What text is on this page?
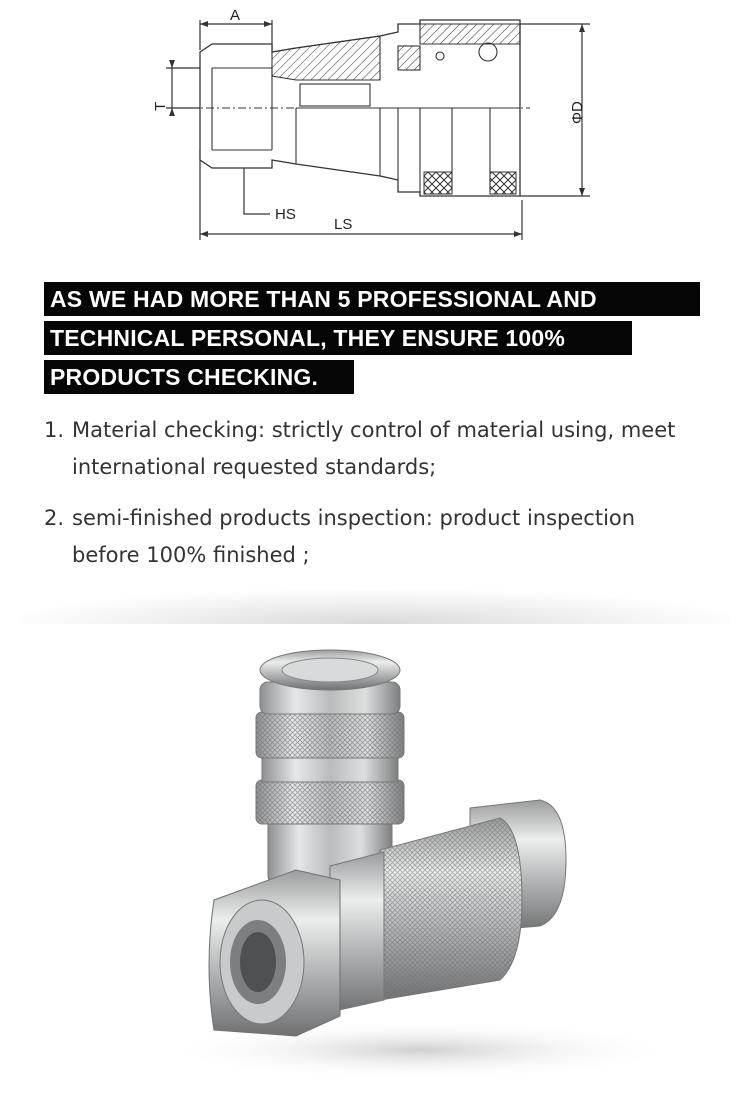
A
T
HS
LS
ΦD
AS WE HAD MORE THAN 5 PROFESSIONAL AND
TECHNICAL PERSONAL, THEY ENSURE 100%
PRODUCTS CHECKING.
1. Material checking: strictly control of material using, meet
international requested standards;
2. semi-finished products inspection: product inspection
before 100% finished ;
